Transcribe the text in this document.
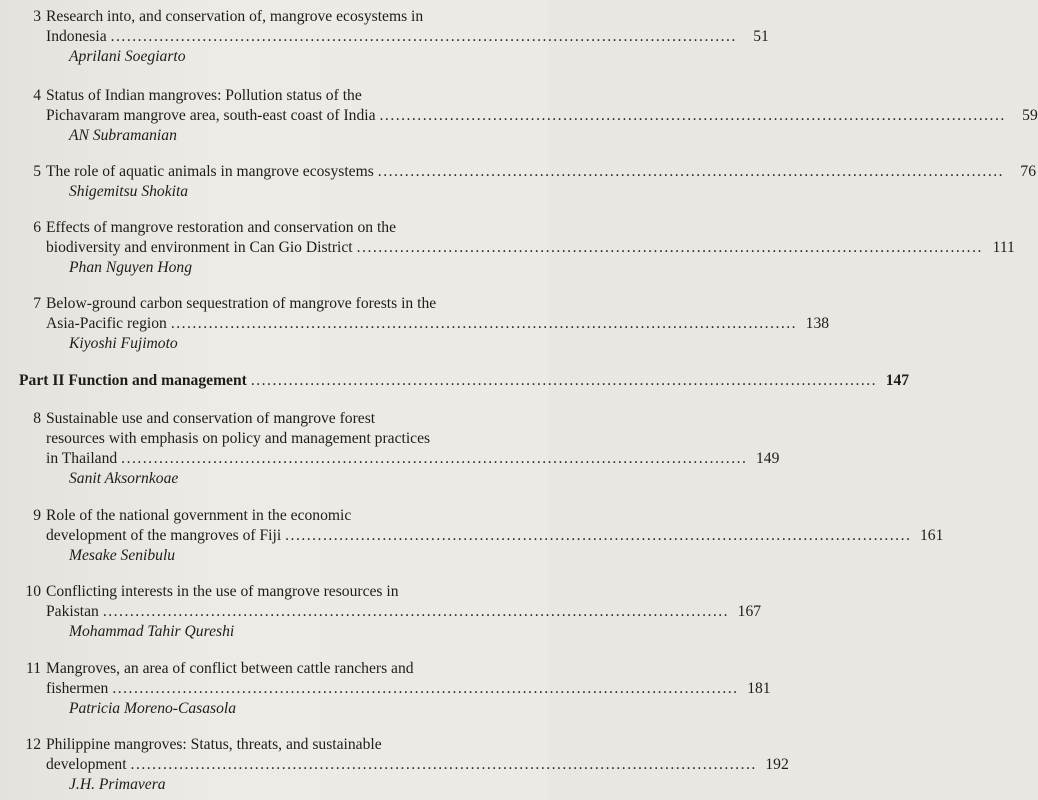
3 Research into, and conservation of, mangrove ecosystems in
Indonesia ....................................................................................................................	51
Aprilani Soegiarto
4 Status of Indian mangroves: Pollution status of the
Pichavaram mangrove area, south-east coast of India ....................................................................................................................	59
AN Subramanian
5 The role of aquatic animals in mangrove ecosystems ....................................................................................................................	76
Shigemitsu Shokita
6 Effects of mangrove restoration and conservation on the
biodiversity and environment in Can Gio District .................................................................................................................... 111
Phan Nguyen Hong
7 Below-ground carbon sequestration of mangrove forests in the
Asia-Pacific region .................................................................................................................... 138
Kiyoshi Fujimoto
Part II Function and management .................................................................................................................... 147
8 Sustainable use and conservation of mangrove forest
resources with emphasis on policy and management practices
in Thailand .................................................................................................................... 149
Sanit Aksornkoae
9 Role of the national government in the economic
development of the mangroves of Fiji .................................................................................................................... 161
Mesake Senibulu
10 Conflicting interests in the use of mangrove resources in
Pakistan .................................................................................................................... 167
Mohammad Tahir Qureshi
11 Mangroves, an area of conflict between cattle ranchers and
fishermen .................................................................................................................... 181
Patricia Moreno-Casasola
12 Philippine mangroves: Status, threats, and sustainable
development .................................................................................................................... 192
J.H. Primavera
